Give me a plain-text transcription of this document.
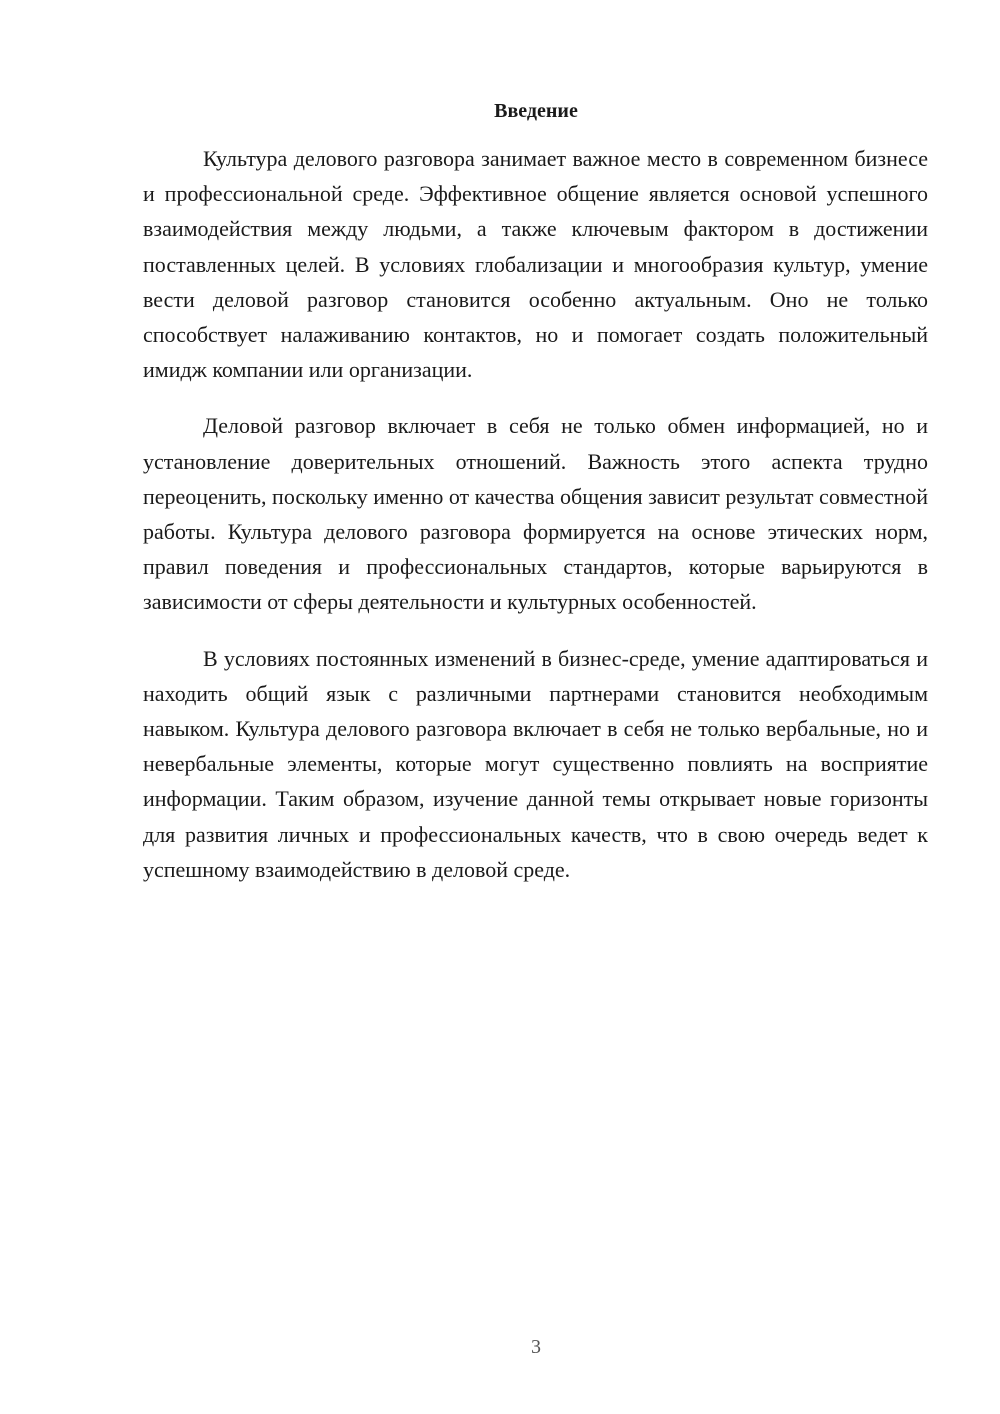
Введение

Культура делового разговора занимает важное место в современном бизнесе и профессиональной среде. Эффективное общение является основой успешного взаимодействия между людьми, а также ключевым фактором в достижении поставленных целей. В условиях глобализации и многообразия культур, умение вести деловой разговор становится особенно актуальным. Оно не только способствует налаживанию контактов, но и помогает создать положительный имидж компании или организации.

Деловой разговор включает в себя не только обмен информацией, но и установление доверительных отношений. Важность этого аспекта трудно переоценить, поскольку именно от качества общения зависит результат совместной работы. Культура делового разговора формируется на основе этических норм, правил поведения и профессиональных стандартов, которые варьируются в зависимости от сферы деятельности и культурных особенностей.

В условиях постоянных изменений в бизнес-среде, умение адаптироваться и находить общий язык с различными партнерами становится необходимым навыком. Культура делового разговора включает в себя не только вербальные, но и невербальные элементы, которые могут существенно повлиять на восприятие информации. Таким образом, изучение данной темы открывает новые горизонты для развития личных и профессиональных качеств, что в свою очередь ведет к успешному взаимодействию в деловой среде.

3
